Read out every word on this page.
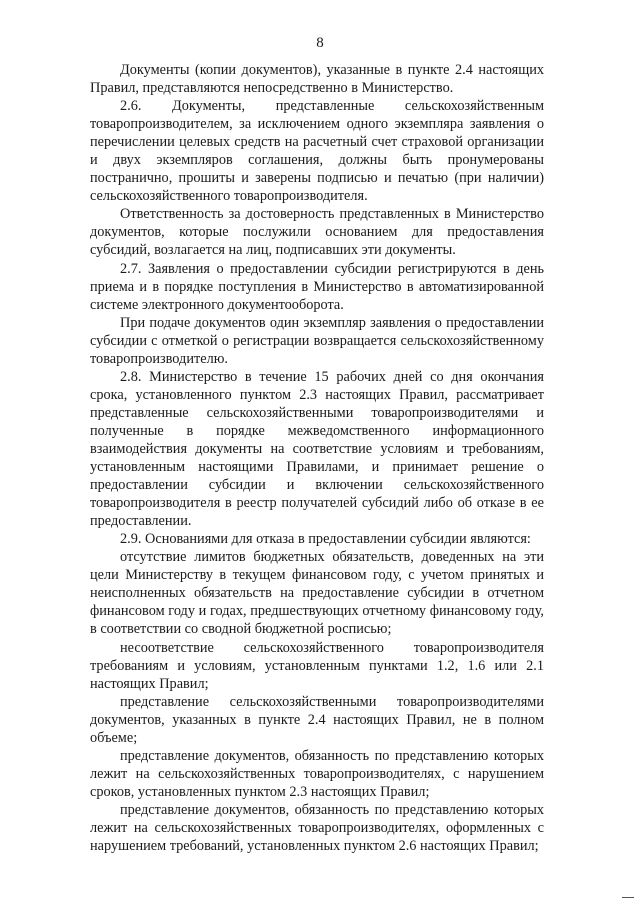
8

Документы (копии документов), указанные в пункте 2.4 настоящих Правил, представляются непосредственно в Министерство.

2.6. Документы, представленные сельскохозяйственным товаропроизводителем, за исключением одного экземпляра заявления о перечислении целевых средств на расчетный счет страховой организации и двух экземпляров соглашения, должны быть пронумерованы постранично, прошиты и заверены подписью и печатью (при наличии) сельскохозяйственного товаропроизводителя.

Ответственность за достоверность представленных в Министерство документов, которые послужили основанием для предоставления субсидий, возлагается на лиц, подписавших эти документы.

2.7. Заявления о предоставлении субсидии регистрируются в день приема и в порядке поступления в Министерство в автоматизированной системе электронного документооборота.

При подаче документов один экземпляр заявления о предоставлении субсидии с отметкой о регистрации возвращается сельскохозяйственному товаропроизводителю.

2.8. Министерство в течение 15 рабочих дней со дня окончания срока, установленного пунктом 2.3 настоящих Правил, рассматривает представленные сельскохозяйственными товаропроизводителями и полученные в порядке межведомственного информационного взаимодействия документы на соответствие условиям и требованиям, установленным настоящими Правилами, и принимает решение о предоставлении субсидии и включении сельскохозяйственного товаропроизводителя в реестр получателей субсидий либо об отказе в ее предоставлении.

2.9. Основаниями для отказа в предоставлении субсидии являются:

отсутствие лимитов бюджетных обязательств, доведенных на эти цели Министерству в текущем финансовом году, с учетом принятых и неисполненных обязательств на предоставление субсидии в отчетном финансовом году и годах, предшествующих отчетному финансовому году, в соответствии со сводной бюджетной росписью;

несоответствие сельскохозяйственного товаропроизводителя требованиям и условиям, установленным пунктами 1.2, 1.6 или 2.1 настоящих Правил;

представление сельскохозяйственными товаропроизводителями документов, указанных в пункте 2.4 настоящих Правил, не в полном объеме;

представление документов, обязанность по представлению которых лежит на сельскохозяйственных товаропроизводителях, с нарушением сроков, установленных пунктом 2.3 настоящих Правил;

представление документов, обязанность по представлению которых лежит на сельскохозяйственных товаропроизводителях, оформленных с нарушением требований, установленных пунктом 2.6 настоящих Правил;
